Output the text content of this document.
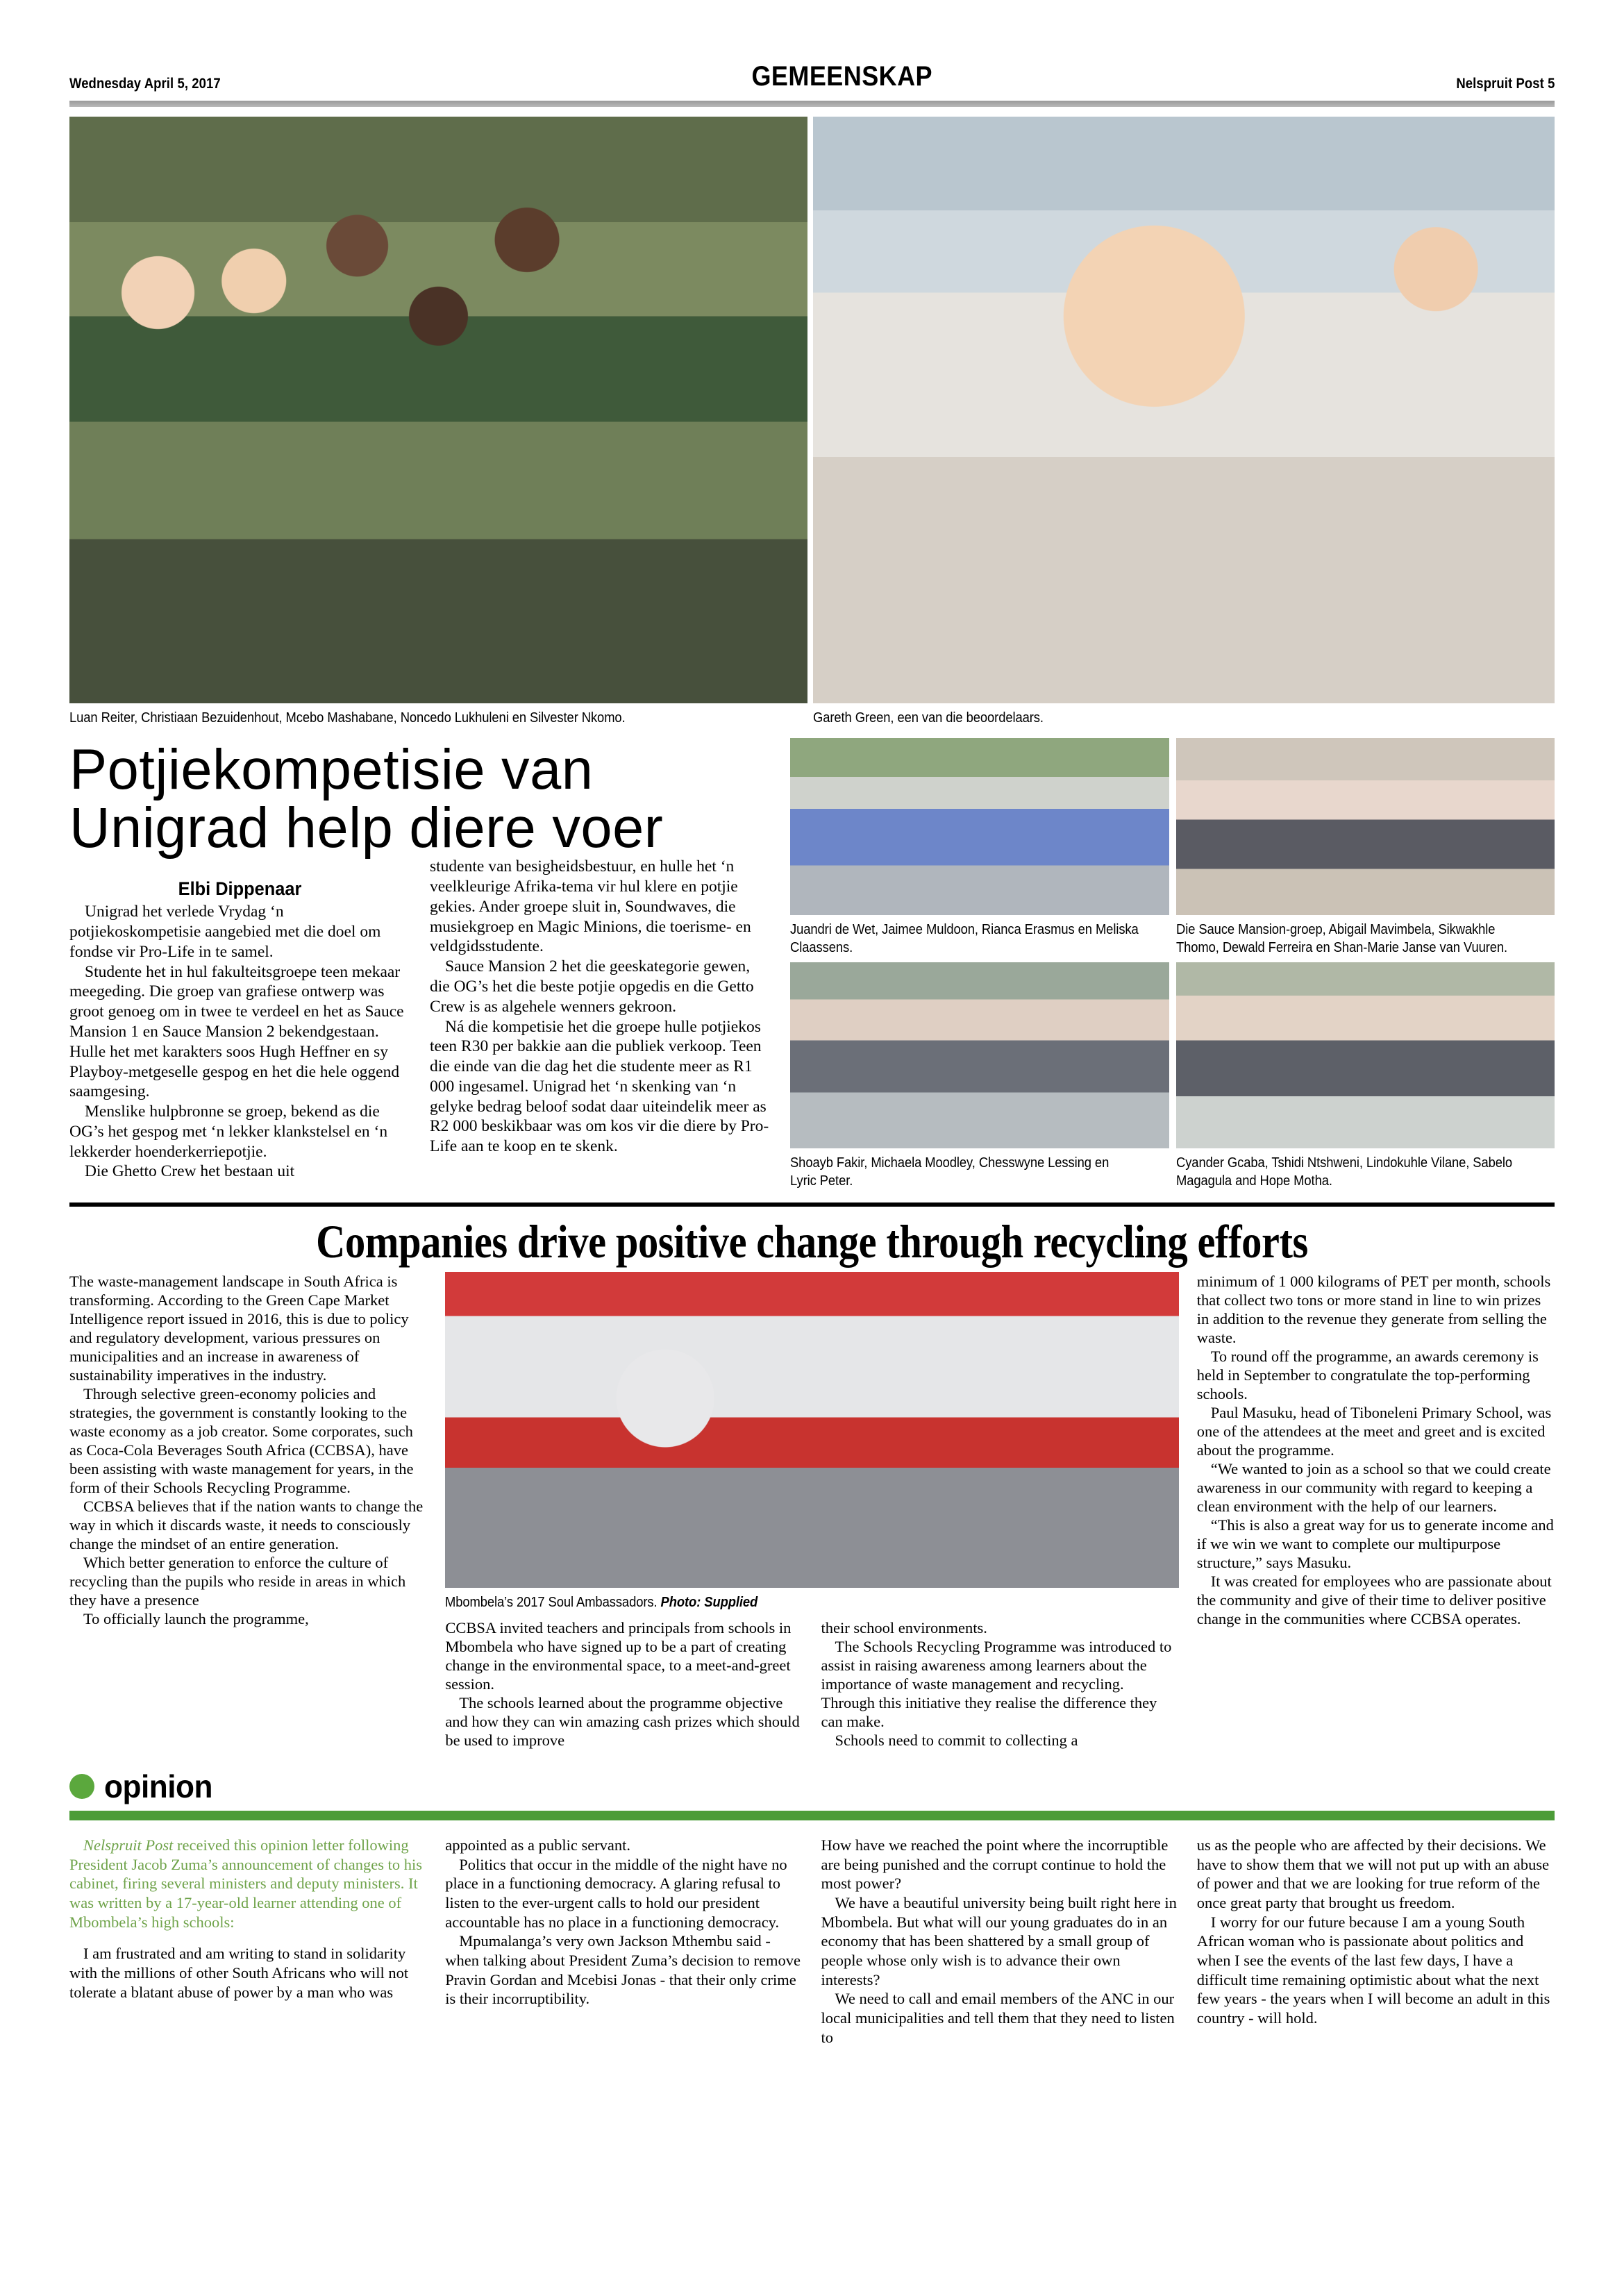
Wednesday April 5, 2017	GEMEENSKAP	Nelspruit Post 5
Luan Reiter, Christiaan Bezuidenhout, Mcebo Mashabane, Noncedo Lukhuleni en Silvester Nkomo.	Gareth Green, een van die beoordelaars.
Potjiekompetisie van
Unigrad help diere voer
Elbi Dippenaar

Unigrad het verlede Vrydag ‘n potjiekoskompetisie aangebied met die doel om fondse vir Pro-Life in te samel.

Studente het in hul fakulteitsgroepe teen mekaar meegeding. Die groep van grafiese ontwerp was groot genoeg om in twee te verdeel en het as Sauce Mansion 1 en Sauce Mansion 2 bekendgestaan. Hulle het met karakters soos Hugh Heffner en sy Playboy-metgeselle gespog en het die hele oggend saamgesing.

Menslike hulpbronne se groep, bekend as die OG’s het gespog met ‘n lekker klankstelsel en ‘n lekkerder hoenderkerriepotjie.

Die Ghetto Crew het bestaan uit

studente van besigheidsbestuur, en hulle het ‘n veelkleurige Afrika-tema vir hul klere en potjie gekies. Ander groepe sluit in, Soundwaves, die musiekgroep en Magic Minions, die toerisme- en veldgidsstudente.

Sauce Mansion 2 het die geeskategorie gewen, die OG’s het die beste potjie opgedis en die Getto Crew is as algehele wenners gekroon.

Ná die kompetisie het die groepe hulle potjiekos teen R30 per bakkie aan die publiek verkoop. Teen die einde van die dag het die studente meer as R1 000 ingesamel. Unigrad het ‘n skenking van ‘n gelyke bedrag beloof sodat daar uiteindelik meer as R2 000 beskikbaar was om kos vir die diere by Pro-Life aan te koop en te skenk.

Juandri de Wet, Jaimee Muldoon, Rianca Erasmus en Meliska Claassens.
Die Sauce Mansion-groep, Abigail Mavimbela, Sikwakhle Thomo, Dewald Ferreira en Shan-Marie Janse van Vuuren.
Shoayb Fakir, Michaela Moodley, Chesswyne Lessing en Lyric Peter.
Cyander Gcaba, Tshidi Ntshweni, Lindokuhle Vilane, Sabelo Magagula and Hope Motha.
Companies drive positive change through recycling efforts

The waste-management landscape in South Africa is transforming. According to the Green Cape Market Intelligence report issued in 2016, this is due to policy and regulatory development, various pressures on municipalities and an increase in awareness of sustainability imperatives in the industry.

Through selective green-economy policies and strategies, the government is constantly looking to the waste economy as a job creator. Some corporates, such as Coca-Cola Beverages South Africa (CCBSA), have been assisting with waste management for years, in the form of their Schools Recycling Programme.

CCBSA believes that if the nation wants to change the way in which it discards waste, it needs to consciously change the mindset of an entire generation.

Which better generation to enforce the culture of recycling than the pupils who reside in areas in which they have a presence

To officially launch the programme,

Mbombela’s 2017 Soul Ambassadors. Photo: Supplied

CCBSA invited teachers and principals from schools in Mbombela who have signed up to be a part of creating change in the environmental space, to a meet-and-greet session.

The schools learned about the programme objective and how they can win amazing cash prizes which should be used to improve

their school environments.

The Schools Recycling Programme was introduced to assist in raising awareness among learners about the importance of waste management and recycling. Through this initiative they realise the difference they can make.

Schools need to commit to collecting a

minimum of 1 000 kilograms of PET per month, schools that collect two tons or more stand in line to win prizes in addition to the revenue they generate from selling the waste.

To round off the programme, an awards ceremony is held in September to congratulate the top-performing schools.

Paul Masuku, head of Tiboneleni Primary School, was one of the attendees at the meet and greet and is excited about the programme.

“We wanted to join as a school so that we could create awareness in our community with regard to keeping a clean environment with the help of our learners.

“This is also a great way for us to generate income and if we win we want to complete our multipurpose structure,” says Masuku.

It was created for employees who are passionate about the community and give of their time to deliver positive change in the communities where CCBSA operates.

opinion

Nelspruit Post received this opinion letter following President Jacob Zuma’s announcement of changes to his cabinet, firing several ministers and deputy ministers. It was written by a 17-year-old learner attending one of Mbombela’s high schools:

I am frustrated and am writing to stand in solidarity with the millions of other South Africans who will not tolerate a blatant abuse of power by a man who was

appointed as a public servant.

Politics that occur in the middle of the night have no place in a functioning democracy. A glaring refusal to listen to the ever-urgent calls to hold our president accountable has no place in a functioning democracy.

Mpumalanga’s very own Jackson Mthembu said - when talking about President Zuma’s decision to remove Pravin Gordan and Mcebisi Jonas - that their only crime is their incorruptibility.

How have we reached the point where the incorruptible are being punished and the corrupt continue to hold the most power?

We have a beautiful university being built right here in Mbombela. But what will our young graduates do in an economy that has been shattered by a small group of people whose only wish is to advance their own interests?

We need to call and email members of the ANC in our local municipalities and tell them that they need to listen to

us as the people who are affected by their decisions. We have to show them that we will not put up with an abuse of power and that we are looking for true reform of the once great party that brought us freedom.

I worry for our future because I am a young South African woman who is passionate about politics and when I see the events of the last few days, I have a difficult time remaining optimistic about what the next few years - the years when I will become an adult in this country - will hold.
